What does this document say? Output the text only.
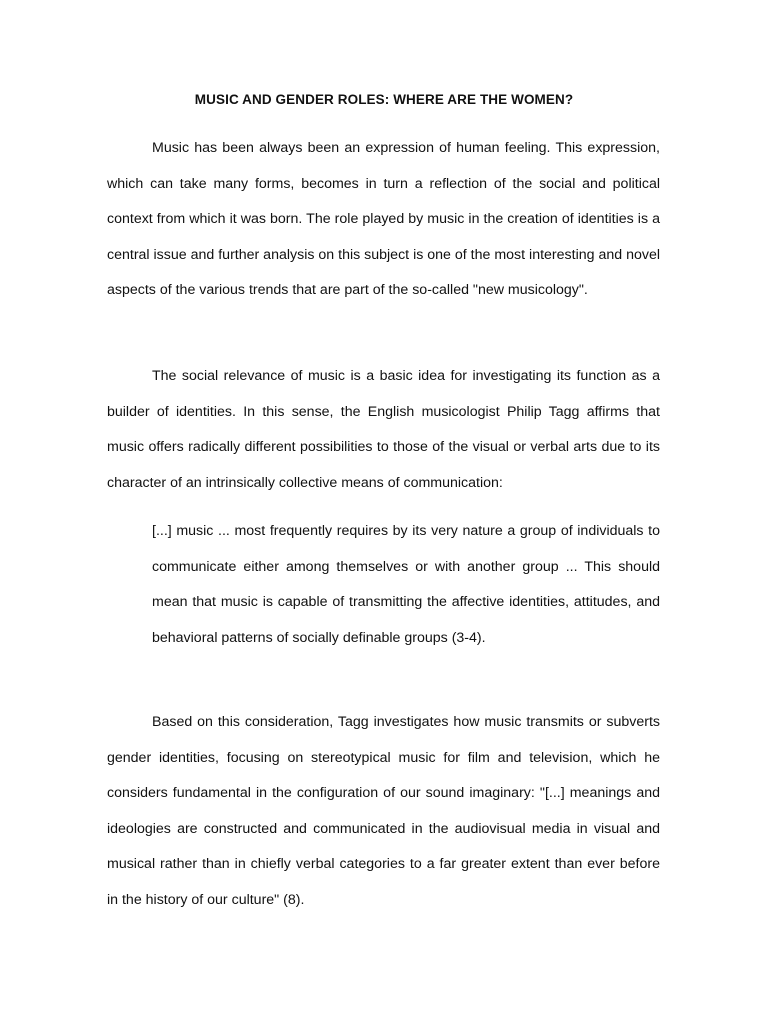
MUSIC AND GENDER ROLES: WHERE ARE THE WOMEN?

Music has been always been an expression of human feeling. This expression, which can take many forms, becomes in turn a reflection of the social and political context from which it was born. The role played by music in the creation of identities is a central issue and further analysis on this subject is one of the most interesting and novel aspects of the various trends that are part of the so-called "new musicology".

The social relevance of music is a basic idea for investigating its function as a builder of identities. In this sense, the English musicologist Philip Tagg affirms that music offers radically different possibilities to those of the visual or verbal arts due to its character of an intrinsically collective means of communication:

[...] music ... most frequently requires by its very nature a group of individuals to communicate either among themselves or with another group ... This should mean that music is capable of transmitting the affective identities, attitudes, and behavioral patterns of socially definable groups (3-4).

Based on this consideration, Tagg investigates how music transmits or subverts gender identities, focusing on stereotypical music for film and television, which he considers fundamental in the configuration of our sound imaginary: "[...] meanings and ideologies are constructed and communicated in the audiovisual media in visual and musical rather than in chiefly verbal categories to a far greater extent than ever before in the history of our culture" (8).
